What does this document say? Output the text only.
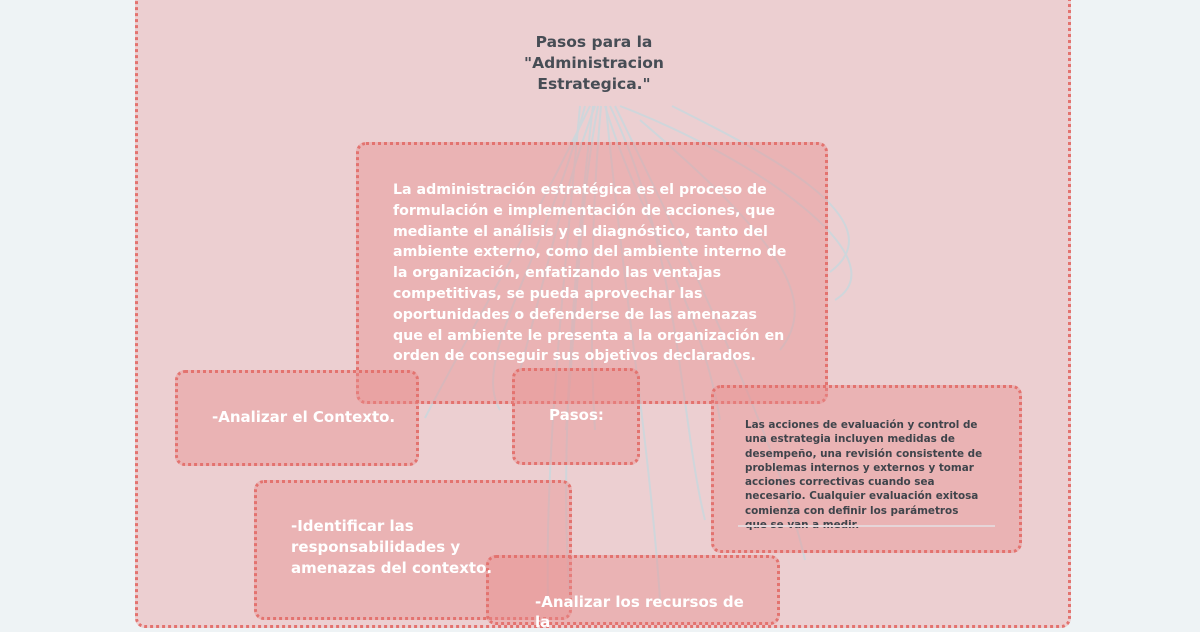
Pasos para la "Administracion Estrategica."
La administración estratégica es el proceso de formulación e implementación de acciones, que mediante el análisis y el diagnóstico, tanto del ambiente externo, como del ambiente interno de la organización, enfatizando las ventajas competitivas, se pueda aprovechar las oportunidades o defenderse de las amenazas que el ambiente le presenta a la organización en orden de conseguir sus objetivos declarados.
-Analizar el Contexto.	Pasos:
Las acciones de evaluación y control de una estrategia incluyen medidas de desempeño, una revisión consistente de problemas internos y externos y tomar acciones correctivas cuando sea necesario. Cualquier evaluación exitosa comienza con definir los parámetros
-Identificar las responsabilidades y amenazas del contexto.
-Analizar los recursos de la
